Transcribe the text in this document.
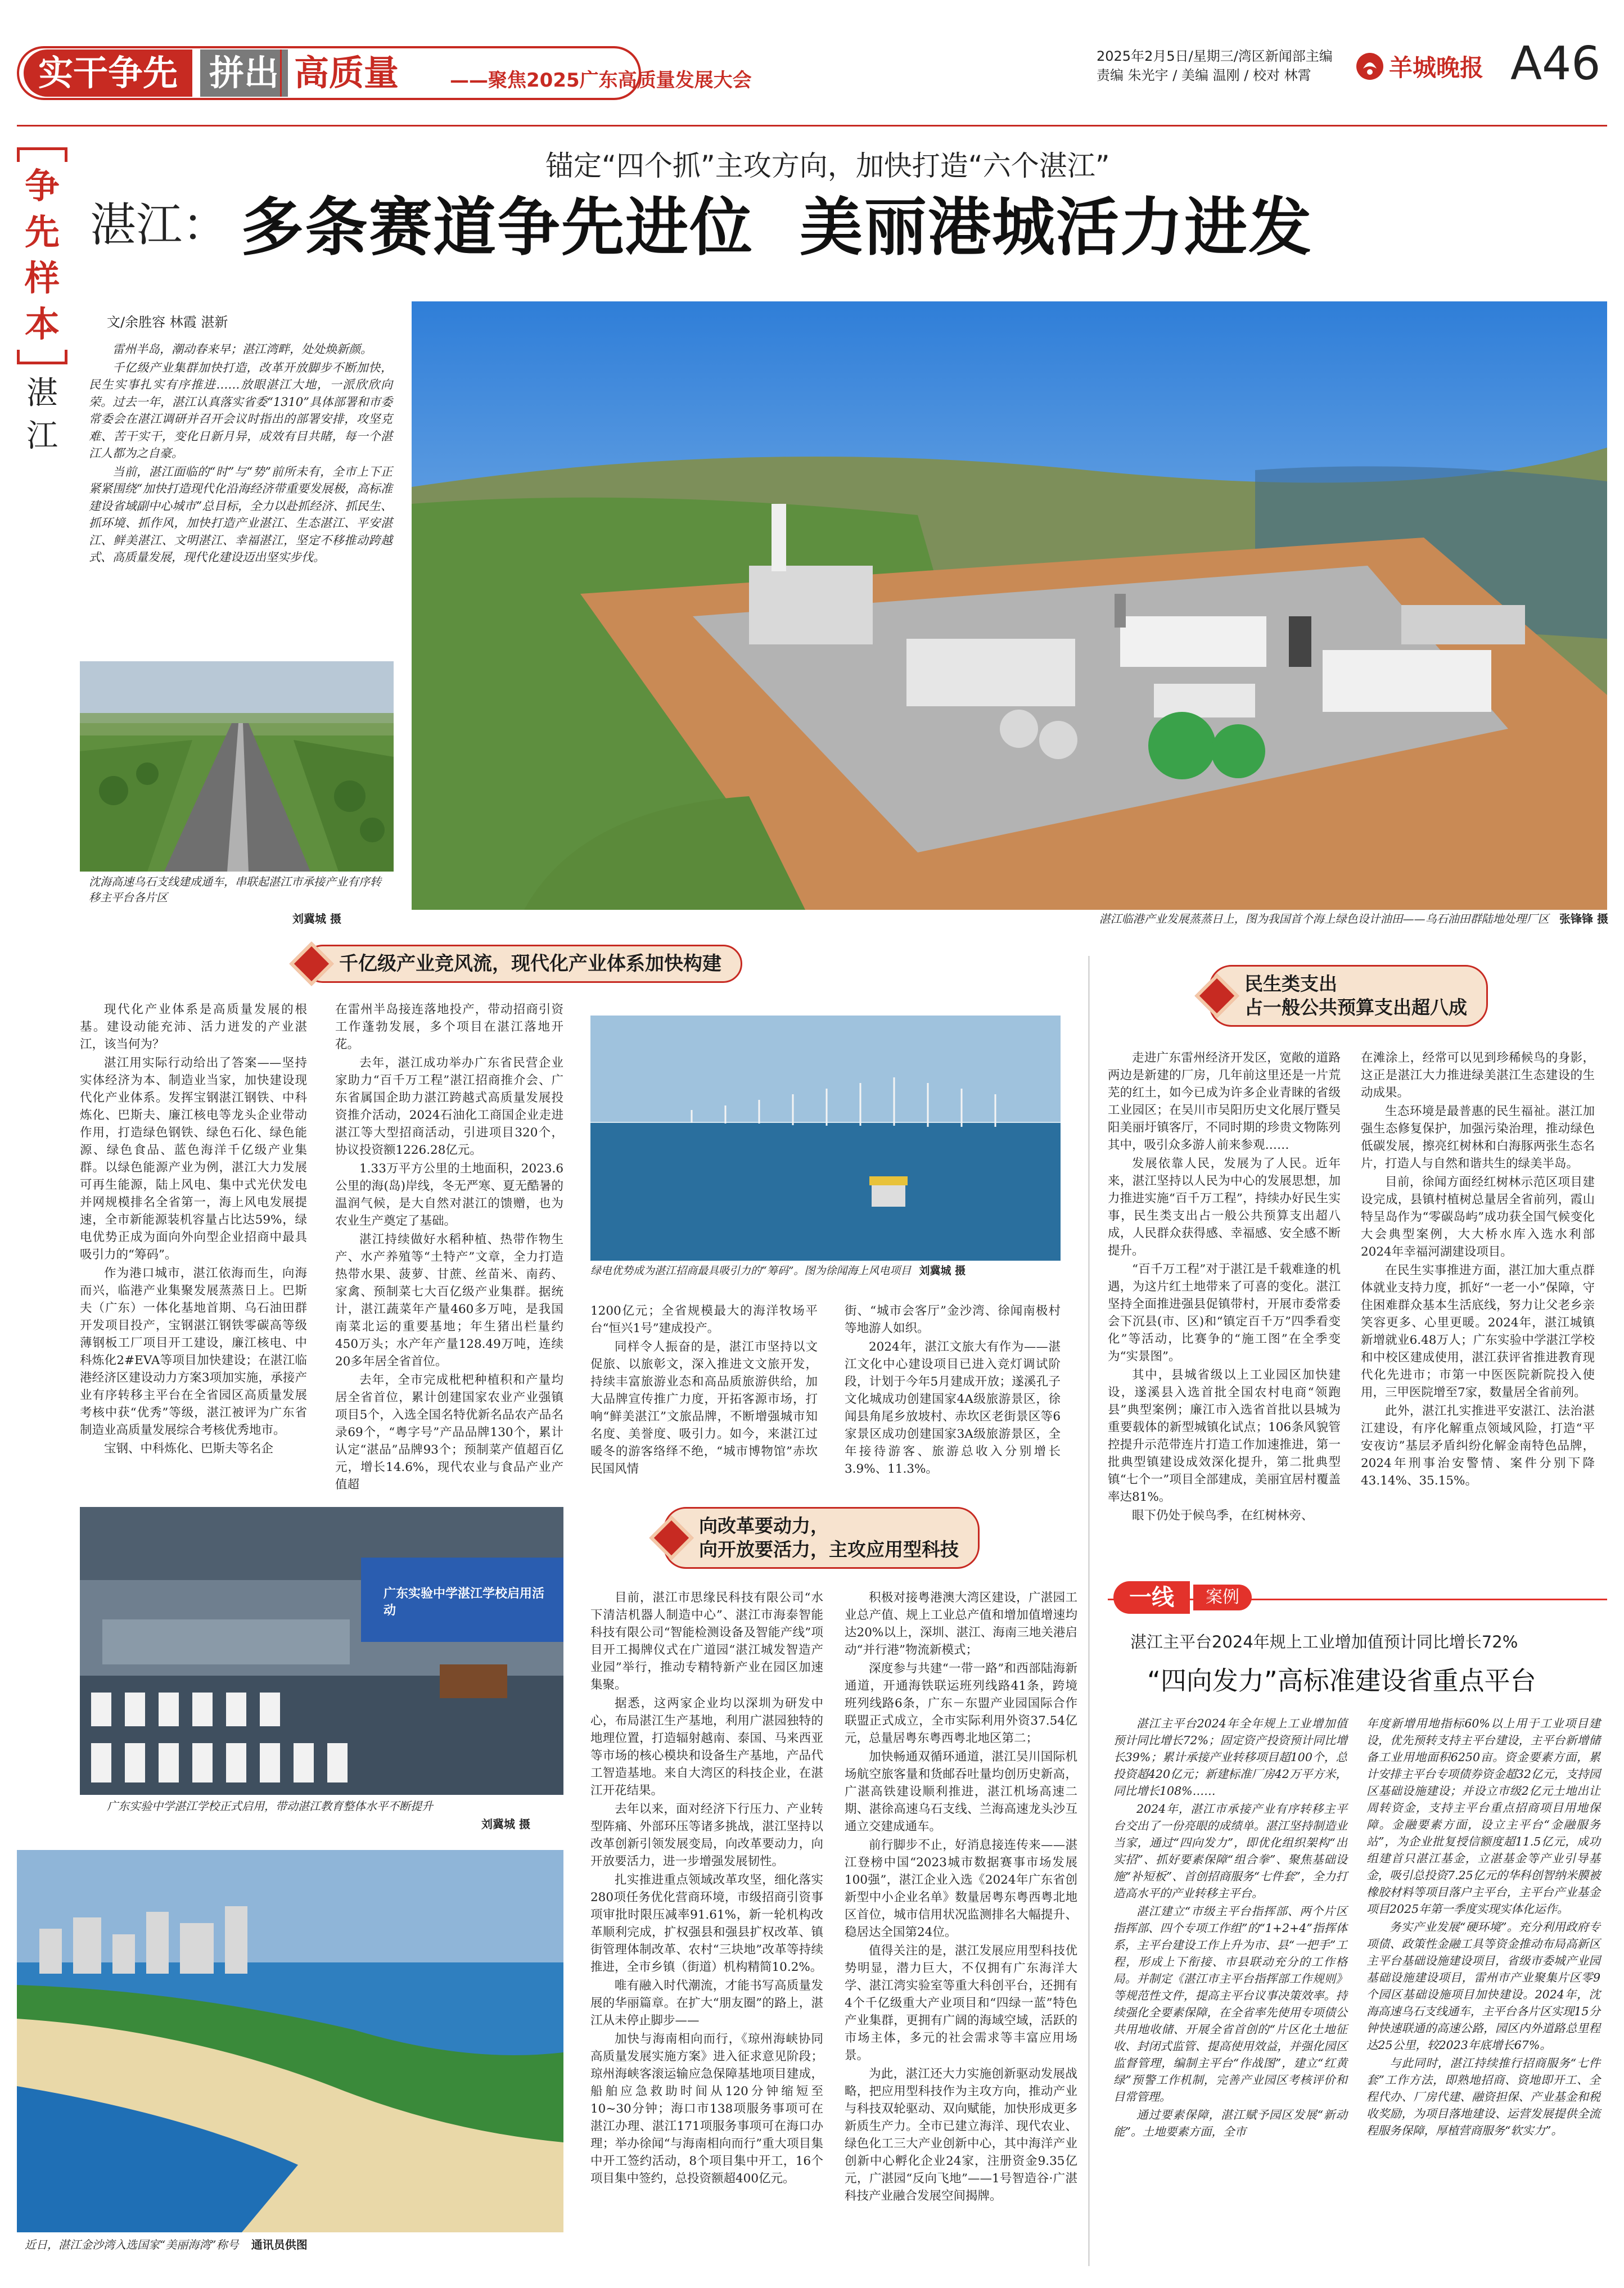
实干争先 拼出 高质量	——聚焦2025广东高质量发展大会
2025年2月5日/星期三/湾区新闻部主编
责编 朱光宇 / 美编 温刚 / 校对 林霄	羊城晚报 A46
争
先
样
本
湛
江
锚定“四个抓”主攻方向，加快打造“六个湛江”
湛江： 多条赛道争先进位  美丽港城活力进发
文/余胜容 林霞 湛新

雷州半岛，潮动春来早；湛江湾畔，处处焕新颜。

千亿级产业集群加快打造，改革开放脚步不断加快，民生实事扎实有序推进……放眼湛江大地，一派欣欣向荣。过去一年，湛江认真落实省委“1310”具体部署和市委常委会在湛江调研并召开会议时指出的部署安排，攻坚克难、苦干实干，变化日新月异，成效有目共睹，每一个湛江人都为之自豪。

当前，湛江面临的“时”与“势”前所未有，全市上下正紧紧围绕“加快打造现代化沿海经济带重要发展极，高标准建设省域副中心城市”总目标，全力以赴抓经济、抓民生、抓环境、抓作风，加快打造产业湛江、生态湛江、平安湛江、鲜美湛江、文明湛江、幸福湛江，坚定不移推动跨越式、高质量发展，现代化建设迈出坚实步伐。

沈海高速乌石支线建成通车，串联起湛江市承接产业有序转移主平台各片区
刘冀城 摄	湛江临港产业发展蒸蒸日上，图为我国首个海上绿色设计油田——乌石油田群陆地处理厂区 张锋锋 摄
千亿级产业竞风流，现代化产业体系加快构建

现代化产业体系是高质量发展的根基。建设动能充沛、活力迸发的产业湛江，该当何为？

湛江用实际行动给出了答案——坚持实体经济为本、制造业当家，加快建设现代化产业体系。发挥宝钢湛江钢铁、中科炼化、巴斯夫、廉江核电等龙头企业带动作用，打造绿色钢铁、绿色石化、绿色能源、绿色食品、蓝色海洋千亿级产业集群。以绿色能源产业为例，湛江大力发展可再生能源，陆上风电、集中式光伏发电并网规模排名全省第一，海上风电发展提速，全市新能源装机容量占比达59%，绿电优势正成为面向外向型企业招商中最具吸引力的“筹码”。

作为港口城市，湛江依海而生，向海而兴，临港产业集聚发展蒸蒸日上。巴斯夫（广东）一体化基地首期、乌石油田群开发项目投产，宝钢湛江钢铁零碳高等级薄钢板工厂项目开工建设，廉江核电、中科炼化2#EVA等项目加快建设；在湛江临港经济区建设动力方案3项加实施，承接产业有序转移主平台在全省园区高质量发展考核中获“优秀”等级，湛江被评为广东省制造业高质量发展综合考核优秀地市。

宝钢、中科炼化、巴斯夫等名企

在雷州半岛接连落地投产，带动招商引资工作蓬勃发展，多个项目在湛江落地开花。

去年，湛江成功举办广东省民营企业家助力“百千万工程”湛江招商推介会、广东省属国企助力湛江跨越式高质量发展投资推介活动，2024石油化工商国企业走进湛江等大型招商活动，引进项目320个，协议投资额1226.28亿元。

1.33万平方公里的土地面积，2023.6公里的海(岛)岸线，冬无严寒、夏无酷暑的温润气候，是大自然对湛江的馈赠，也为农业生产奠定了基础。

湛江持续做好水稻种植、热带作物生产、水产养殖等“土特产”文章，全力打造热带水果、菠萝、甘蔗、丝苗米、南药、家禽、预制菜七大百亿级产业集群。据统计，湛江蔬菜年产量460多万吨，是我国南菜北运的重要基地；年生猪出栏量约450万头；水产年产量128.49万吨，连续20多年居全省首位。

去年，全市完成枇杷种植积和产量均居全省首位，累计创建国家农业产业强镇项目5个，入选全国名特优新名品农产品名录69个，“粤字号”产品品牌130个，累计认定“湛品”品牌93个；预制菜产值超百亿元，增长14.6%，现代农业与食品产业产值超

绿电优势成为湛江招商最具吸引力的“筹码”。图为徐闻海上风电项目 刘冀城 摄

1200亿元；全省规模最大的海洋牧场平台“恒兴1号”建成投产。

同样令人振奋的是，湛江市坚持以文促旅、以旅彰文，深入推进文文旅开发，持续丰富旅游业态和高品质旅游供给，加大品牌宣传推广力度，开拓客源市场，打响“鲜美湛江”文旅品牌，不断增强城市知名度、美誉度、吸引力。如今，来湛江过暖冬的游客络绎不绝，“城市博物馆”赤坎民国风情

街、“城市会客厅”金沙湾、徐闻南极村等地游人如织。

2024年，湛江文旅大有作为——湛江文化中心建设项目已进入竞灯调试阶段，计划于今年5月建成开放；遂溪孔子文化城成功创建国家4A级旅游景区，徐闻县角尾乡放坡村、赤坎区老街景区等6家景区成功创建国家3A级旅游景区，全年接待游客、旅游总收入分别增长3.9%、11.3%。

民生类支出
占一般公共预算支出超八成

走进广东雷州经济开发区，宽敞的道路两边是新建的厂房，几年前这里还是一片荒芜的红土，如今已成为许多企业青睐的省级工业园区；在吴川市吴阳历史文化展厅暨吴阳美丽圩镇客厅，不同时期的珍贵文物陈列其中，吸引众多游人前来参观……

发展依靠人民，发展为了人民。近年来，湛江坚持以人民为中心的发展思想，加力推进实施“百千万工程”，持续办好民生实事，民生类支出占一般公共预算支出超八成，人民群众获得感、幸福感、安全感不断提升。

“百千万工程”对于湛江是千载难逢的机遇，为这片红土地带来了可喜的变化。湛江坚持全面推进强县促镇带村，开展市委常委会下沉县(市、区)和“镇定百千万”四季看变化”等活动，比赛争的“施工图”在全季变为“实景图”。

其中，县城省级以上工业园区加快建设，遂溪县入选首批全国农村电商“领跑县”典型案例；廉江市入选省首批以县城为重要载体的新型城镇化试点；106条风貌管控提升示范带连片打造工作加速推进，第一批典型镇建设成效深化提升，第二批典型镇“七个一”项目全部建成，美丽宜居村覆盖率达81%。

眼下仍处于候鸟季，在红树林旁、

在滩涂上，经常可以见到珍稀候鸟的身影，这正是湛江大力推进绿美湛江生态建设的生动成果。

生态环境是最普惠的民生福祉。湛江加强生态修复保护，加强污染治理，推动绿色低碳发展，擦亮红树林和白海豚两张生态名片，打造人与自然和谐共生的绿美半岛。

目前，徐闻方面经红树林示范区项目建设完成，县镇村植树总量居全省前列，霞山特呈岛作为“零碳岛屿”成功获全国气候变化大会典型案例，大大桥水库入选水利部2024年幸福河湖建设项目。

在民生实事推进方面，湛江加大重点群体就业支持力度，抓好“一老一小”保障，守住困难群众基本生活底线，努力让父老乡亲笑容更多、心里更暖。2024年，湛江城镇新增就业6.48万人；广东实验中学湛江学校和中校区建成使用，湛江获评省推进教育现代化先进市；市第一中医医院新院投入使用，三甲医院增至7家，数量居全省前列。

此外，湛江扎实推进平安湛江、法治湛江建设，有序化解重点领域风险，打造“平安夜访”基层矛盾纠纷化解金南特色品牌，2024年刑事治安警情、案件分别下降43.14%、35.15%。

广东实验中学湛江学校启用活动
广东实验中学湛江学校正式启用，带动湛江教育整体水平不断提升
刘冀城 摄
近日，湛江金沙湾入选国家“美丽海湾”称号 通讯员供图
向改革要动力，
向开放要活力，主攻应用型科技

目前，湛江市思缘民科技有限公司“水下清洁机器人制造中心”、湛江市海泰智能科技有限公司“智能检测设备及智能产线”项目开工揭牌仪式在广道园“湛江城发智造产业园”举行，推动专精特新产业在园区加速集聚。

据悉，这两家企业均以深圳为研发中心，布局湛江生产基地，利用广湛园独特的地理位置，打造辐射越南、泰国、马来西亚等市场的核心模块和设备生产基地，产品代工智造基地。来自大湾区的科技企业，在湛江开花结果。

去年以来，面对经济下行压力、产业转型阵痛、外部环压等诸多挑战，湛江坚持以改革创新引领发展变局，向改革要动力，向开放要活力，进一步增强发展韧性。

扎实推进重点领域改革攻坚，细化落实280项任务优化营商环境，市级招商引资事项审批时限压减率91.61%，新一轮机构改革顺利完成，扩权强县和强县扩权改革、镇街管理体制改革、农村“三块地”改革等持续推进，全市乡镇（街道）机构精简10.2%。

唯有融入时代潮流，才能书写高质量发展的华丽篇章。在扩大“朋友圈”的路上，湛江从未停止脚步——

加快与海南相向而行，《琼州海峡协同高质量发展实施方案》进入征求意见阶段；琼州海峡客滚运输应急保障基地项目建成，船舶应急救助时间从120分钟缩短至10~30分钟；海口市138项服务事项可在湛江办理、湛江171项服务事项可在海口办理；举办徐闻“与海南相向而行”重大项目集中开工签约活动，8个项目集中开工，16个项目集中签约，总投资额超400亿元。

积极对接粤港澳大湾区建设，广湛园工业总产值、规上工业总产值和增加值增速均达20%以上，深圳、湛江、海南三地关港启动“并行港”物流新模式；

深度参与共建“一带一路”和西部陆海新通道，开通海铁联运班列线路41条，跨境班列线路6条，广东－东盟产业园国际合作联盟正式成立，全市实际利用外资37.54亿元，总量居粤东粤西粤北地区第二；

加快畅通双循环通道，湛江吴川国际机场航空旅客量和货邮吞吐量均创历史新高，广湛高铁建设顺利推进，湛江机场高速二期、湛徐高速乌石支线、兰海高速龙头沙互通立交建成通车。

前行脚步不止，好消息接连传来——湛江登榜中国“2023城市数据赛事市场发展100强”，湛江企业入选《2024年广东省创新型中小企业名单》数量居粤东粤西粤北地区首位，城市信用状况监测排名大幅提升、稳居达全国第24位。

值得关注的是，湛江发展应用型科技优势明显，潜力巨大，不仅拥有广东海洋大学、湛江湾实验室等重大科创平台，还拥有4个千亿级重大产业项目和“四绿一蓝”特色产业集群，更拥有广阔的海域空域，活跃的市场主体，多元的社会需求等丰富应用场景。

为此，湛江还大力实施创新驱动发展战略，把应用型科技作为主攻方向，推动产业与科技双轮驱动、双向赋能，加快形成更多新质生产力。全市已建立海洋、现代农业、绿色化工三大产业创新中心，其中海洋产业创新中心孵化企业24家，注册资金9.35亿元，广湛园“反向飞地”——1号智造谷·广湛科技产业融合发展空间揭牌。

一线	案例
湛江主平台2024年规上工业增加值预计同比增长72%
“四向发力”高标准建设省重点平台

湛江主平台2024年全年规上工业增加值预计同比增长72%；固定资产投资预计同比增长39%；累计承接产业转移项目超100个，总投资超420亿元；新建标准厂房42万平方米，同比增长108%……

2024年，湛江市承接产业有序转移主平台交出了一份亮眼的成绩单。湛江坚持制造业当家，通过“四向发力”，即优化组织架构“出实招”、抓好要素保障“组合拳”、聚焦基础设施“补短板”、首创招商服务“七件套”，全力打造高水平的产业转移主平台。

湛江建立“市级主平台指挥部、两个片区指挥部、四个专项工作组”的“1+2+4”指挥体系，主平台建设工作上升为市、县“一把手”工程，形成上下衔接、市县联动充分的工作格局。并制定《湛江市主平台指挥部工作规则》等规范性文件，提高主平台议事决策效率。持续强化全要素保障，在全省率先使用专项债公共用地收储、开展全省首创的“片区化土地征收、封闭式监管、提高使用效益，并强化园区监督管理，编制主平台“作战图”，建立“红黄绿”预警工作机制，完善产业园区考核评价和目常管理。

通过要素保障，湛江赋予园区发展“新动能”。土地要素方面，全市

年度新增用地指标60%以上用于工业项目建设，优先预转支持主平台建设，主平台新增储备工业用地面积6250亩。资金要素方面，累计安排主平台专项债券资金超32亿元，支持园区基础设施建设；并设立市级2亿元土地出让周转资金，支持主平台重点招商项目用地保障。金融要素方面，设立主平台“金融服务站”，为企业批复授信额度超11.5亿元，成功组建首只湛江基金，立湛基金等产业引导基金，吸引总投资7.25亿元的华科创智纳米膜被橡胶材料等项目落户主平台，主平台产业基金项目2025年第一季度实现实体化运作。

务实产业发展“硬环境”。充分利用政府专项债、政策性金融工具等资金推动布局高新区主平台基础设施建设项目，省级市委城产业园基础设施建设项目，雷州市产业聚集片区零9个园区基础设施项目加快建设。2024年，沈海高速乌石支线通车，主平台各片区实现15分钟快速联通的高速公路，园区内外道路总里程达25公里，较2023年底增长67%。

与此同时，湛江持续推行招商服务“七件套”工作方法，即熟地招商、资地即开工、全程代办、厂房代建、融资担保、产业基金和税收奖励，为项目落地建设、运营发展提供全流程服务保障，厚植营商服务“软实力”。
